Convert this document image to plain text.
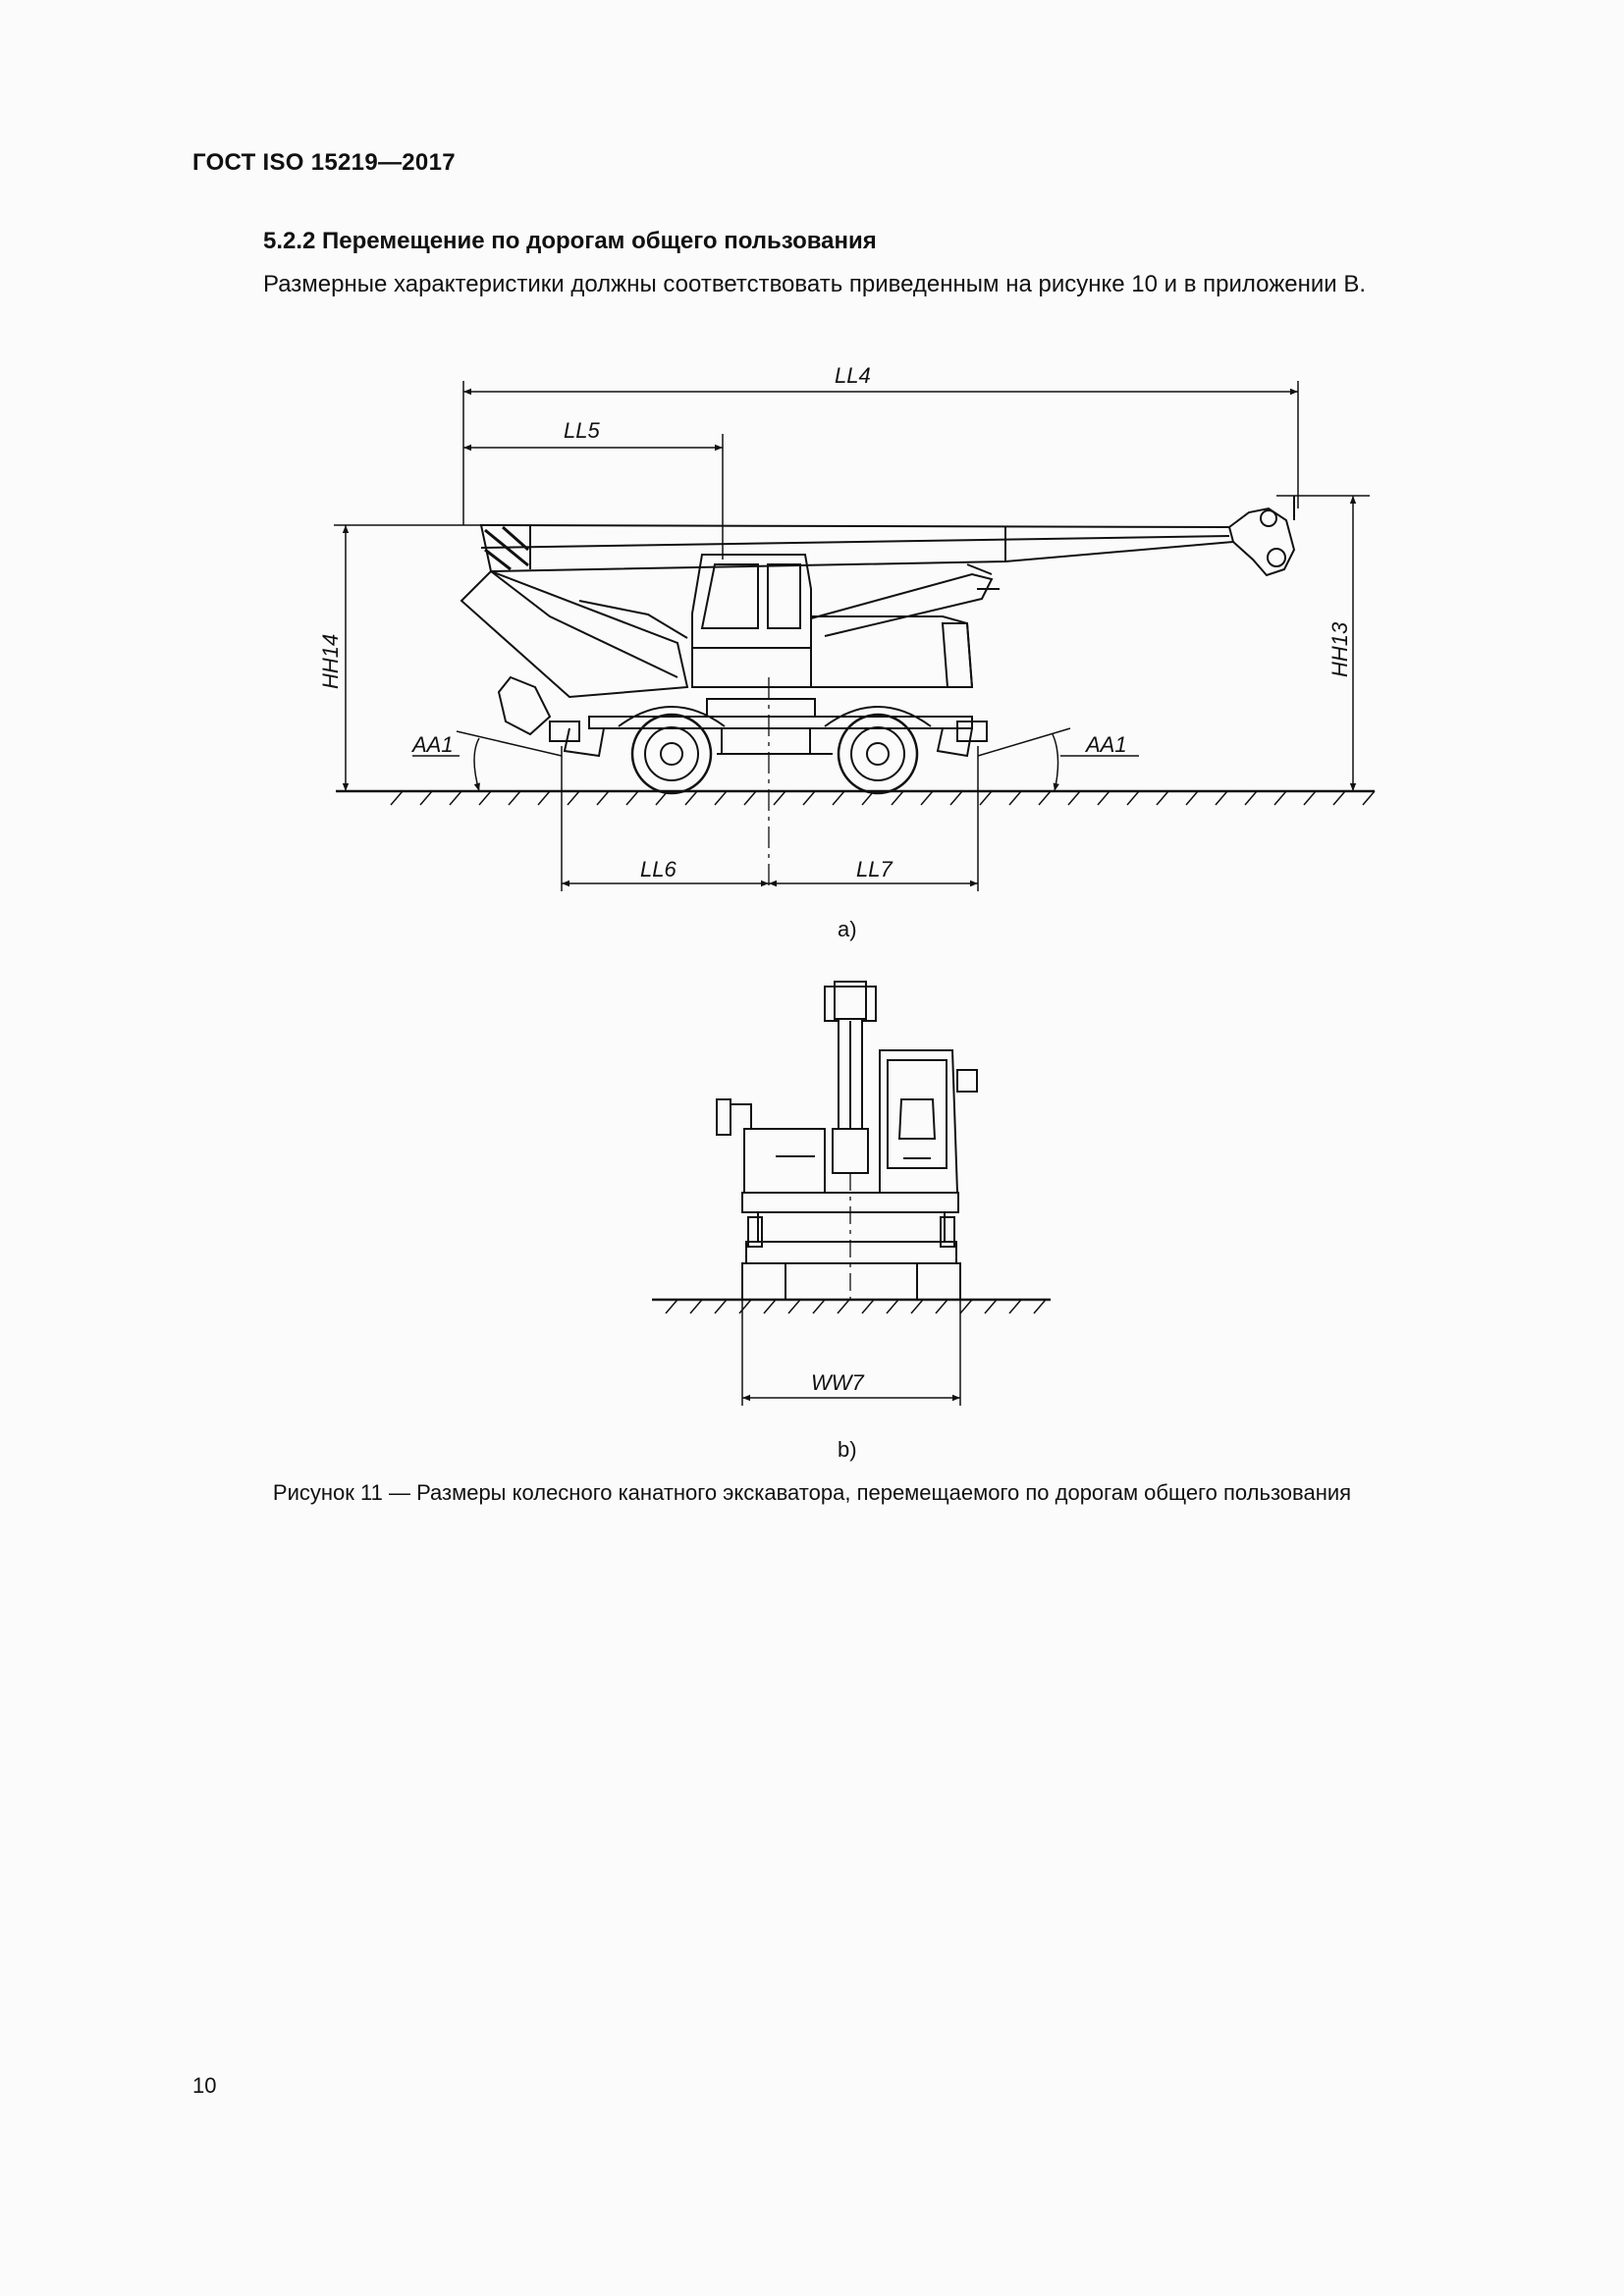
ГОСТ ISO 15219—2017
5.2.2 Перемещение по дорогам общего пользования
Размерные характеристики должны соответствовать приведенным на рисунке 10 и в приложении В.
LL4
LL5
LL6	LL7
AA1	AA1
HH14	HH13
WW7
a)
b)
Рисунок 11 — Размеры колесного канатного экскаватора, перемещаемого по дорогам общего пользования
10
